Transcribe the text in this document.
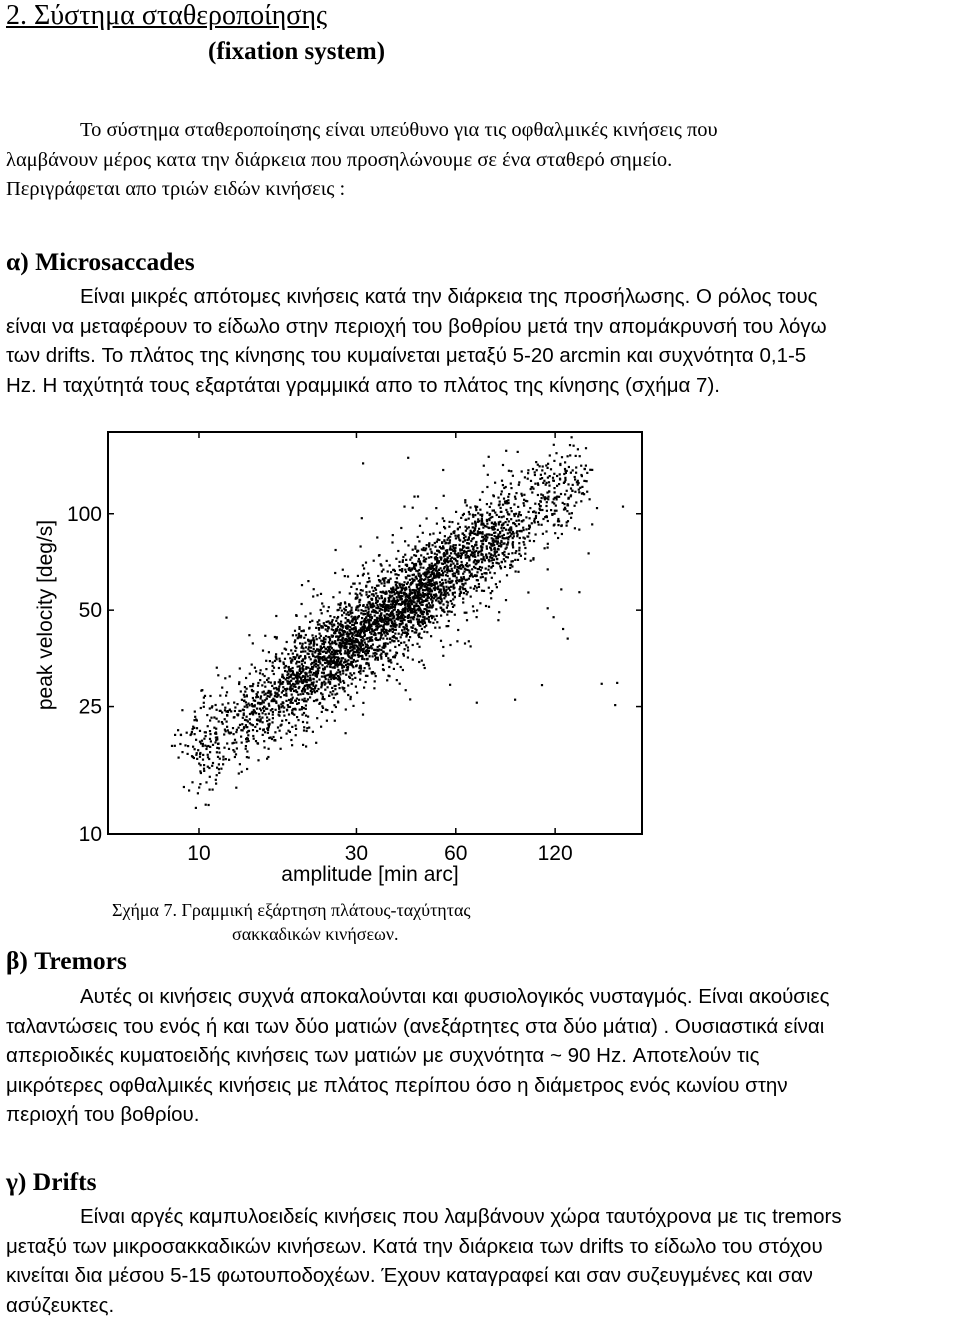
2. Σύστημα σταθεροποίησης
(fixation system)

Το σύστημα σταθεροποίησης είναι υπεύθυνο για τις οφθαλμικές κινήσεις που
λαμβάνουν μέρος κατα την διάρκεια που προσηλώνουμε σε ένα σταθερό σημείο.
Περιγράφεται απο τριών ειδών κινήσεις :

α) Microsaccades

Είναι μικρές απότομες κινήσεις κατά την διάρκεια της προσήλωσης. Ο ρόλος τους
είναι να μεταφέρουν το είδωλο στην περιοχή του βοθρίου μετά την απομάκρυνσή του λόγω
των drifts. Το πλάτος της κίνησης του κυμαίνεται μεταξύ 5-20 arcmin και συχνότητα 0,1-5
Hz. Η ταχύτητά τους εξαρτάται γραμμικά απο το πλάτος της κίνησης (σχήμα 7).

10	30	60	120
10
25
50
100
peak velocity [deg/s]
amplitude [min arc]

Σχήμα 7. Γραμμική εξάρτηση πλάτους-ταχύτητας
σακκαδικών κινήσεων.

β) Tremors

Αυτές οι κινήσεις συχνά αποκαλούνται και φυσιολογικός νυσταγμός. Είναι ακούσιες
ταλαντώσεις του ενός ή και των δύο ματιών (ανεξάρτητες στα δύο μάτια) . Ουσιαστικά είναι
απεριοδικές κυματοειδής κινήσεις των ματιών με συχνότητα ~ 90 Hz. Αποτελούν τις
μικρότερες οφθαλμικές κινήσεις με πλάτος περίπου όσο η διάμετρος ενός κωνίου στην
περιοχή του βοθρίου.

γ) Drifts

Είναι αργές καμπυλοειδείς κινήσεις που λαμβάνουν χώρα ταυτόχρονα με τις tremors
μεταξύ των μικροσακκαδικών κινήσεων. Κατά την διάρκεια των drifts το είδωλο του στόχου
κινείται δια μέσου 5-15 φωτουποδοχέων. Έχουν καταγραφεί και σαν συζευγμένες και σαν
ασύζευκτες.
